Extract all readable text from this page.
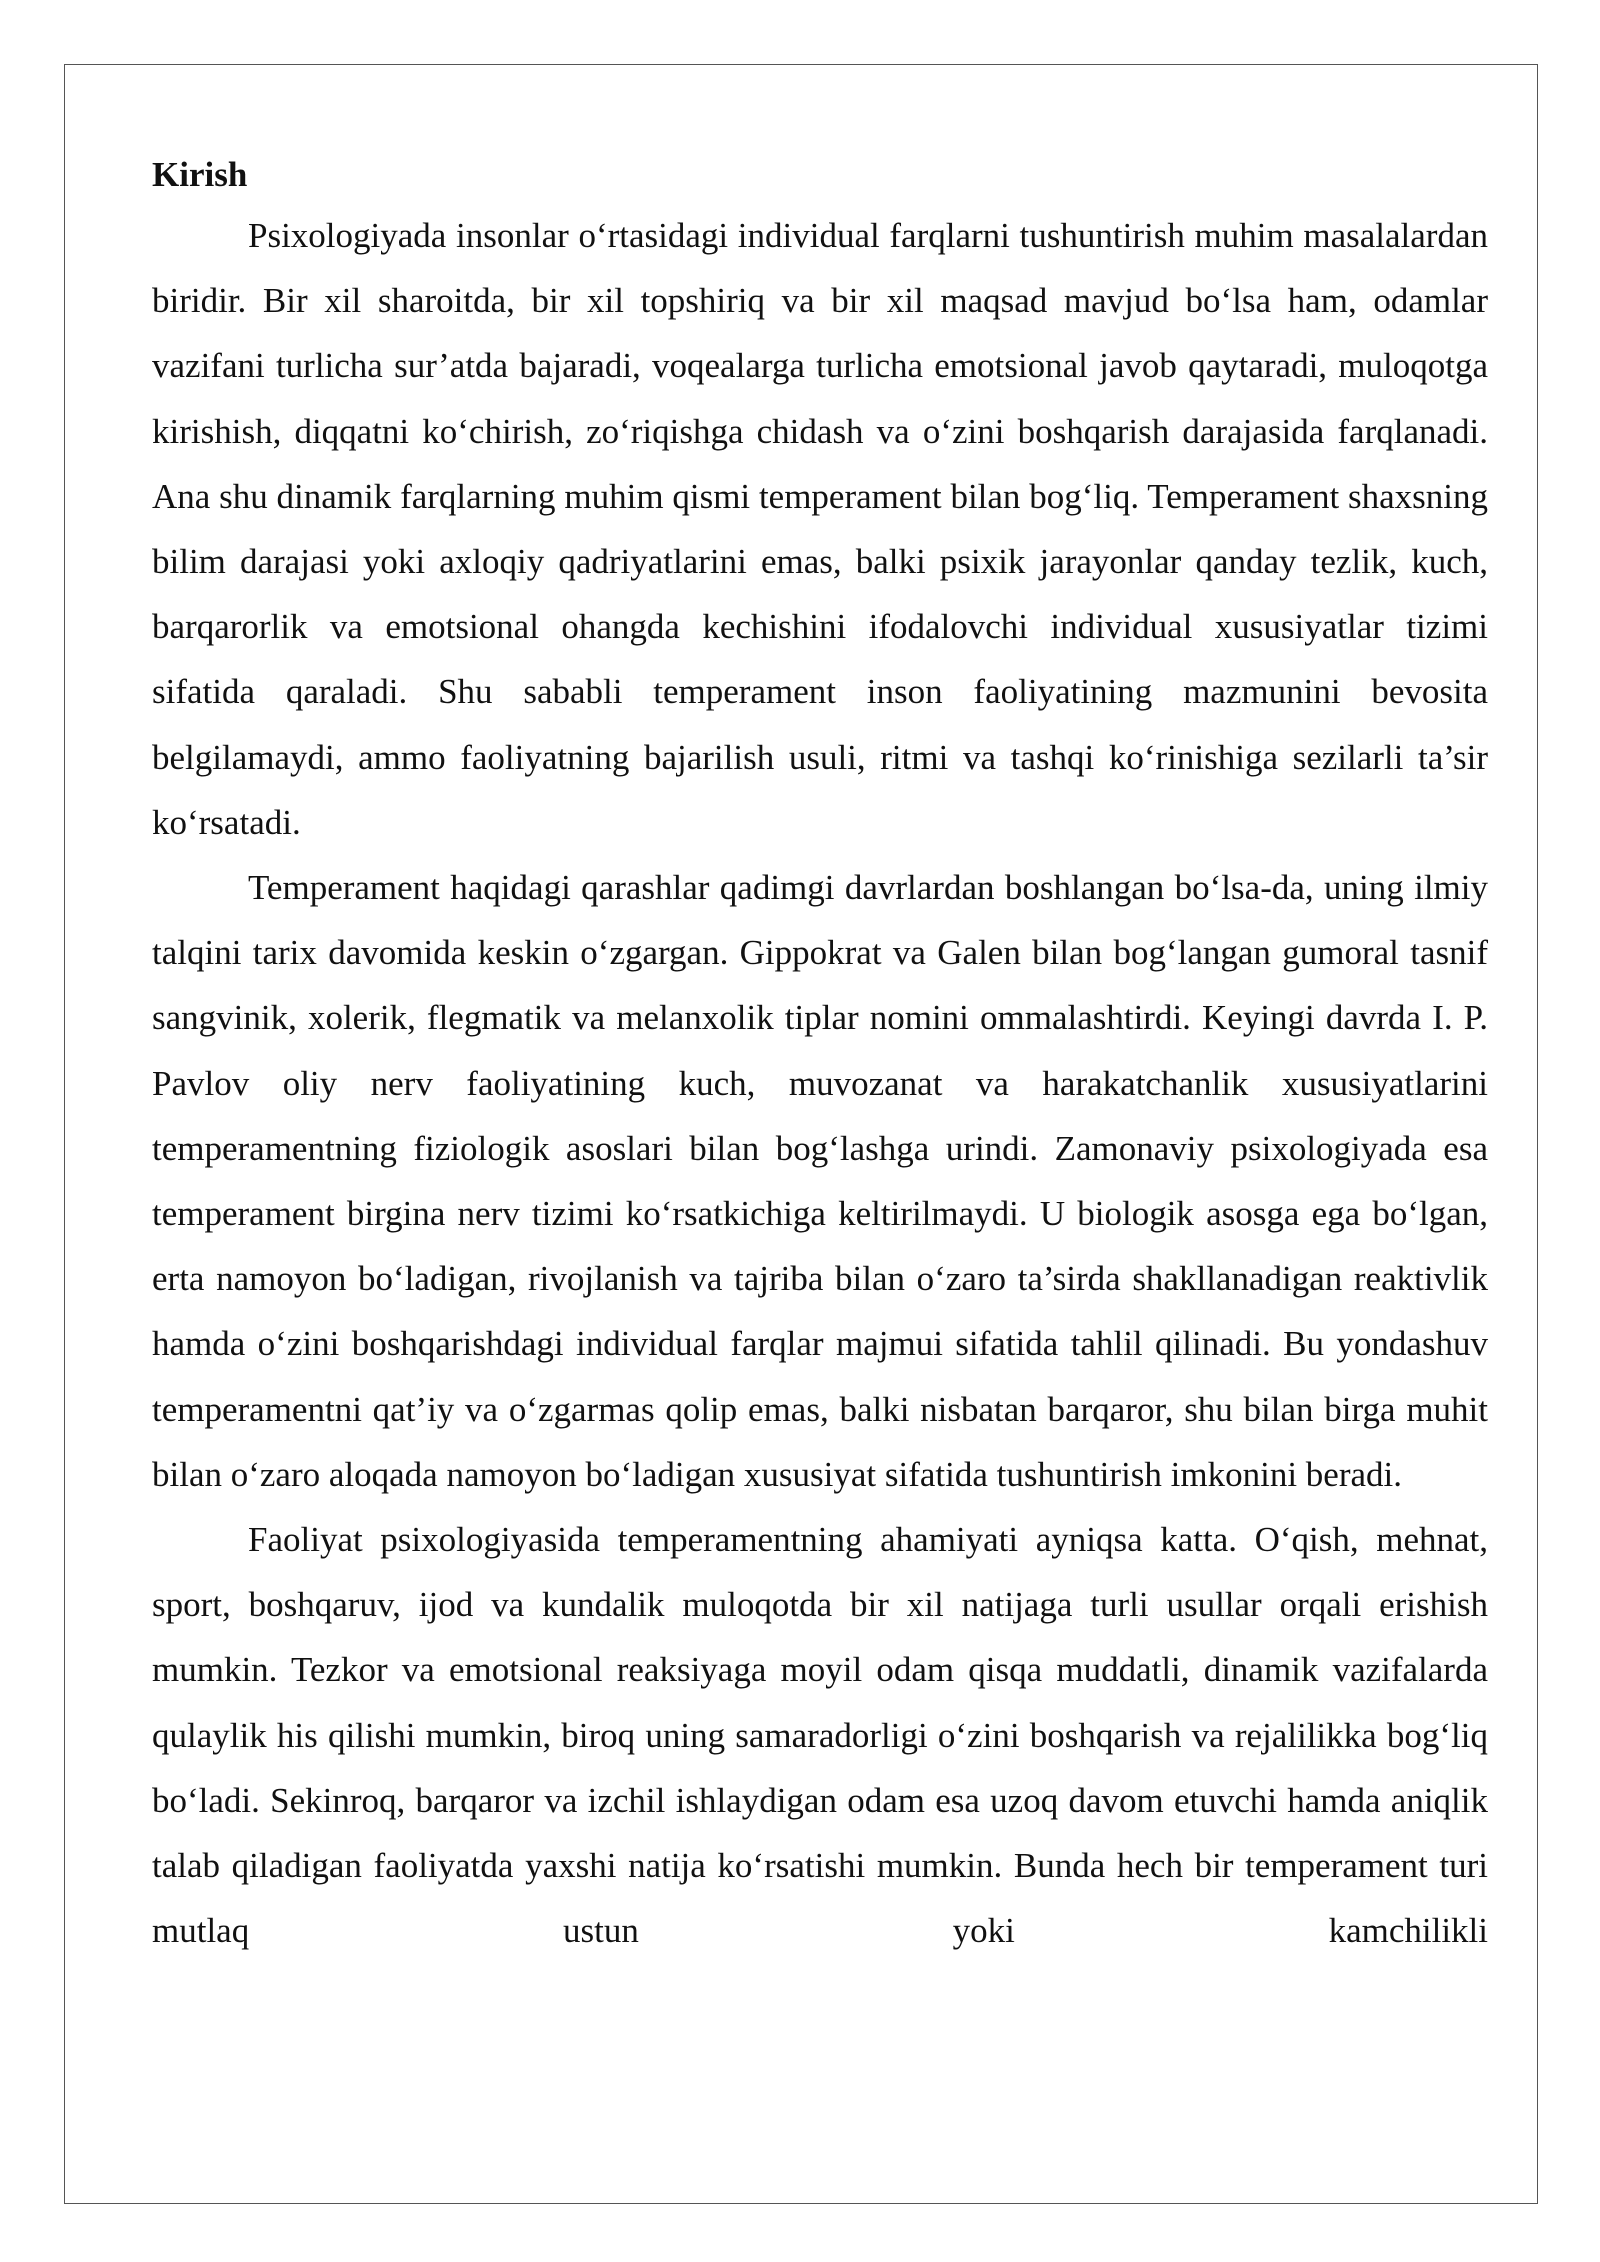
Kirish

Psixologiyada insonlar o‘rtasidagi individual farqlarni tushuntirish muhim masalalardan biridir. Bir xil sharoitda, bir xil topshiriq va bir xil maqsad mavjud bo‘lsa ham, odamlar vazifani turlicha sur’atda bajaradi, voqealarga turlicha emotsional javob qaytaradi, muloqotga kirishish, diqqatni ko‘chirish, zo‘riqishga chidash va o‘zini boshqarish darajasida farqlanadi. Ana shu dinamik farqlarning muhim qismi temperament bilan bog‘liq. Temperament shaxsning bilim darajasi yoki axloqiy qadriyatlarini emas, balki psixik jarayonlar qanday tezlik, kuch, barqarorlik va emotsional ohangda kechishini ifodalovchi individual xususiyatlar tizimi sifatida qaraladi. Shu sababli temperament inson faoliyatining mazmunini bevosita belgilamaydi, ammo faoliyatning bajarilish usuli, ritmi va tashqi ko‘rinishiga sezilarli ta’sir ko‘rsatadi.

Temperament haqidagi qarashlar qadimgi davrlardan boshlangan bo‘lsa-da, uning ilmiy talqini tarix davomida keskin o‘zgargan. Gippokrat va Galen bilan bog‘langan gumoral tasnif sangvinik, xolerik, flegmatik va melanxolik tiplar nomini ommalashtirdi. Keyingi davrda I. P. Pavlov oliy nerv faoliyatining kuch, muvozanat va harakatchanlik xususiyatlarini temperamentning fiziologik asoslari bilan bog‘lashga urindi. Zamonaviy psixologiyada esa temperament birgina nerv tizimi ko‘rsatkichiga keltirilmaydi. U biologik asosga ega bo‘lgan, erta namoyon bo‘ladigan, rivojlanish va tajriba bilan o‘zaro ta’sirda shakllanadigan reaktivlik hamda o‘zini boshqarishdagi individual farqlar majmui sifatida tahlil qilinadi. Bu yondashuv temperamentni qat’iy va o‘zgarmas qolip emas, balki nisbatan barqaror, shu bilan birga muhit bilan o‘zaro aloqada namoyon bo‘ladigan xususiyat sifatida tushuntirish imkonini beradi.

Faoliyat psixologiyasida temperamentning ahamiyati ayniqsa katta. O‘qish, mehnat, sport, boshqaruv, ijod va kundalik muloqotda bir xil natijaga turli usullar orqali erishish mumkin. Tezkor va emotsional reaksiyaga moyil odam qisqa muddatli, dinamik vazifalarda qulaylik his qilishi mumkin, biroq uning samaradorligi o‘zini boshqarish va rejalilikka bog‘liq bo‘ladi. Sekinroq, barqaror va izchil ishlaydigan odam esa uzoq davom etuvchi hamda aniqlik talab qiladigan faoliyatda yaxshi natija ko‘rsatishi mumkin. Bunda hech bir temperament turi mutlaq ustun yoki kamchilikli
